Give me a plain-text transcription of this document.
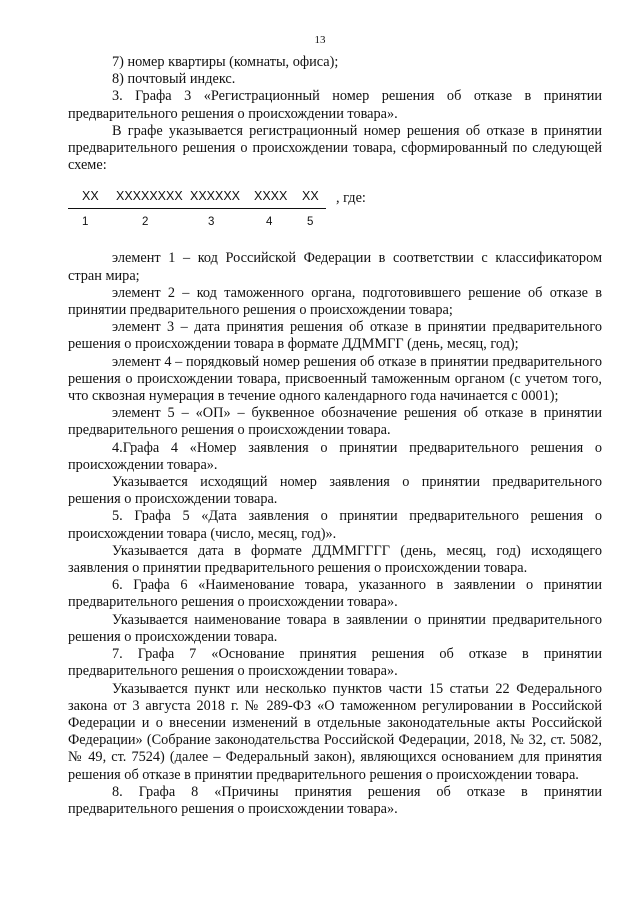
13

7) номер квартиры (комнаты, офиса);

8) почтовый индекс.

3. Графа 3 «Регистрационный номер решения об отказе в принятии предварительного решения о происхождении товара».

В графе указывается регистрационный номер решения об отказе в принятии предварительного решения о происхождении товара, сформированный по следующей схеме:

XX XXXXXXXX XXXXXX XXXX XX
1	2	3	4	5
, где:

элемент 1 – код Российской Федерации в соответствии с классификатором стран мира;

элемент 2 – код таможенного органа, подготовившего решение об отказе в принятии предварительного решения о происхождении товара;

элемент 3 – дата принятия решения об отказе в принятии предварительного решения о происхождении товара в формате ДДММГГ (день, месяц, год);

элемент 4 – порядковый номер решения об отказе в принятии предварительного решения о происхождении товара, присвоенный таможенным органом (с учетом того, что сквозная нумерация в течение одного календарного года начинается с 0001);

элемент 5 – «ОП» – буквенное обозначение решения об отказе в принятии предварительного решения о происхождении товара.

4.Графа 4 «Номер заявления о принятии предварительного решения о происхождении товара».

Указывается исходящий номер заявления о принятии предварительного решения о происхождении товара.

5. Графа 5 «Дата заявления о принятии предварительного решения о происхождении товара (число, месяц, год)».

Указывается дата в формате ДДММГГГГ (день, месяц, год) исходящего заявления о принятии предварительного решения о происхождении товара.

6. Графа 6 «Наименование товара, указанного в заявлении о принятии предварительного решения о происхождении товара».

Указывается наименование товара в заявлении о принятии предварительного решения о происхождении товара.

7. Графа 7 «Основание принятия решения об отказе в принятии предварительного решения о происхождении товара».

Указывается пункт или несколько пунктов части 15 статьи 22 Федерального закона от 3 августа 2018 г. № 289-ФЗ «О таможенном регулировании в Российской Федерации и о внесении изменений в отдельные законодательные акты Российской Федерации» (Собрание законодательства Российской Федерации, 2018, № 32, ст. 5082, № 49, ст. 7524) (далее – Федеральный закон), являющихся основанием для принятия решения об отказе в принятии предварительного решения о происхождении товара.

8. Графа 8 «Причины принятия решения об отказе в принятии предварительного решения о происхождении товара».
